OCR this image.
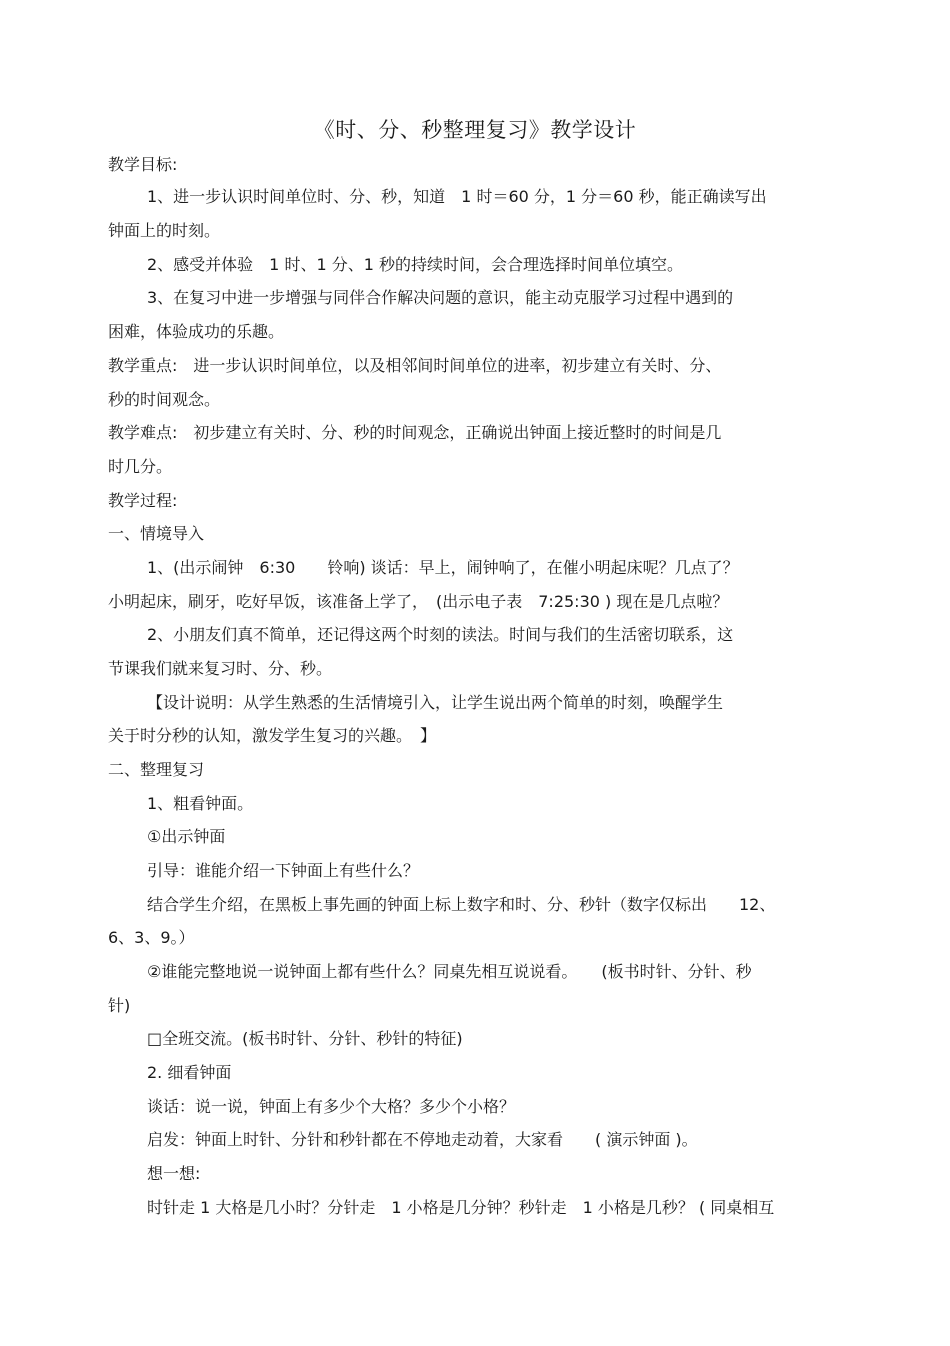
《时、分、秒整理复习》教学设计
教学目标:
1、进一步认识时间单位时、分、秒，知道　1 时＝60 分，1 分＝60 秒，能正确读写出
钟面上的时刻。
2、感受并体验　1 时、1 分、1 秒的持续时间，会合理选择时间单位填空。
3、在复习中进一步增强与同伴合作解决问题的意识，能主动克服学习过程中遇到的
困难，体验成功的乐趣。
教学重点:　进一步认识时间单位，以及相邻间时间单位的进率，初步建立有关时、分、
秒的时间观念。
教学难点:　初步建立有关时、分、秒的时间观念，正确说出钟面上接近整时的时间是几
时几分。
教学过程:
一、情境导入
1、(出示闹钟　6:30　　铃响) 谈话：早上，闹钟响了，在催小明起床呢？几点了？
小明起床，刷牙，吃好早饭，该准备上学了，　(出示电子表　7:25:30 ) 现在是几点啦？
2、小朋友们真不简单，还记得这两个时刻的读法。时间与我们的生活密切联系，这
节课我们就来复习时、分、秒。
【设计说明：从学生熟悉的生活情境引入，让学生说出两个简单的时刻，唤醒学生
关于时分秒的认知，激发学生复习的兴趣。　】
二、整理复习
1、粗看钟面。
①出示钟面
引导：谁能介绍一下钟面上有些什么？
结合学生介绍，在黑板上事先画的钟面上标上数字和时、分、秒针（数字仅标出　　12、
6、3、9。）
②谁能完整地说一说钟面上都有些什么？同桌先相互说说看。　　(板书时针、分针、秒
针)
□全班交流。(板书时针、分针、秒针的特征)
2. 细看钟面
谈话：说一说，钟面上有多少个大格？多少个小格？
启发：钟面上时针、分针和秒针都在不停地走动着，大家看　　( 演示钟面 )。
想一想:
时针走 1 大格是几小时？分针走　1 小格是几分钟？秒针走　1 小格是几秒？ ( 同桌相互
